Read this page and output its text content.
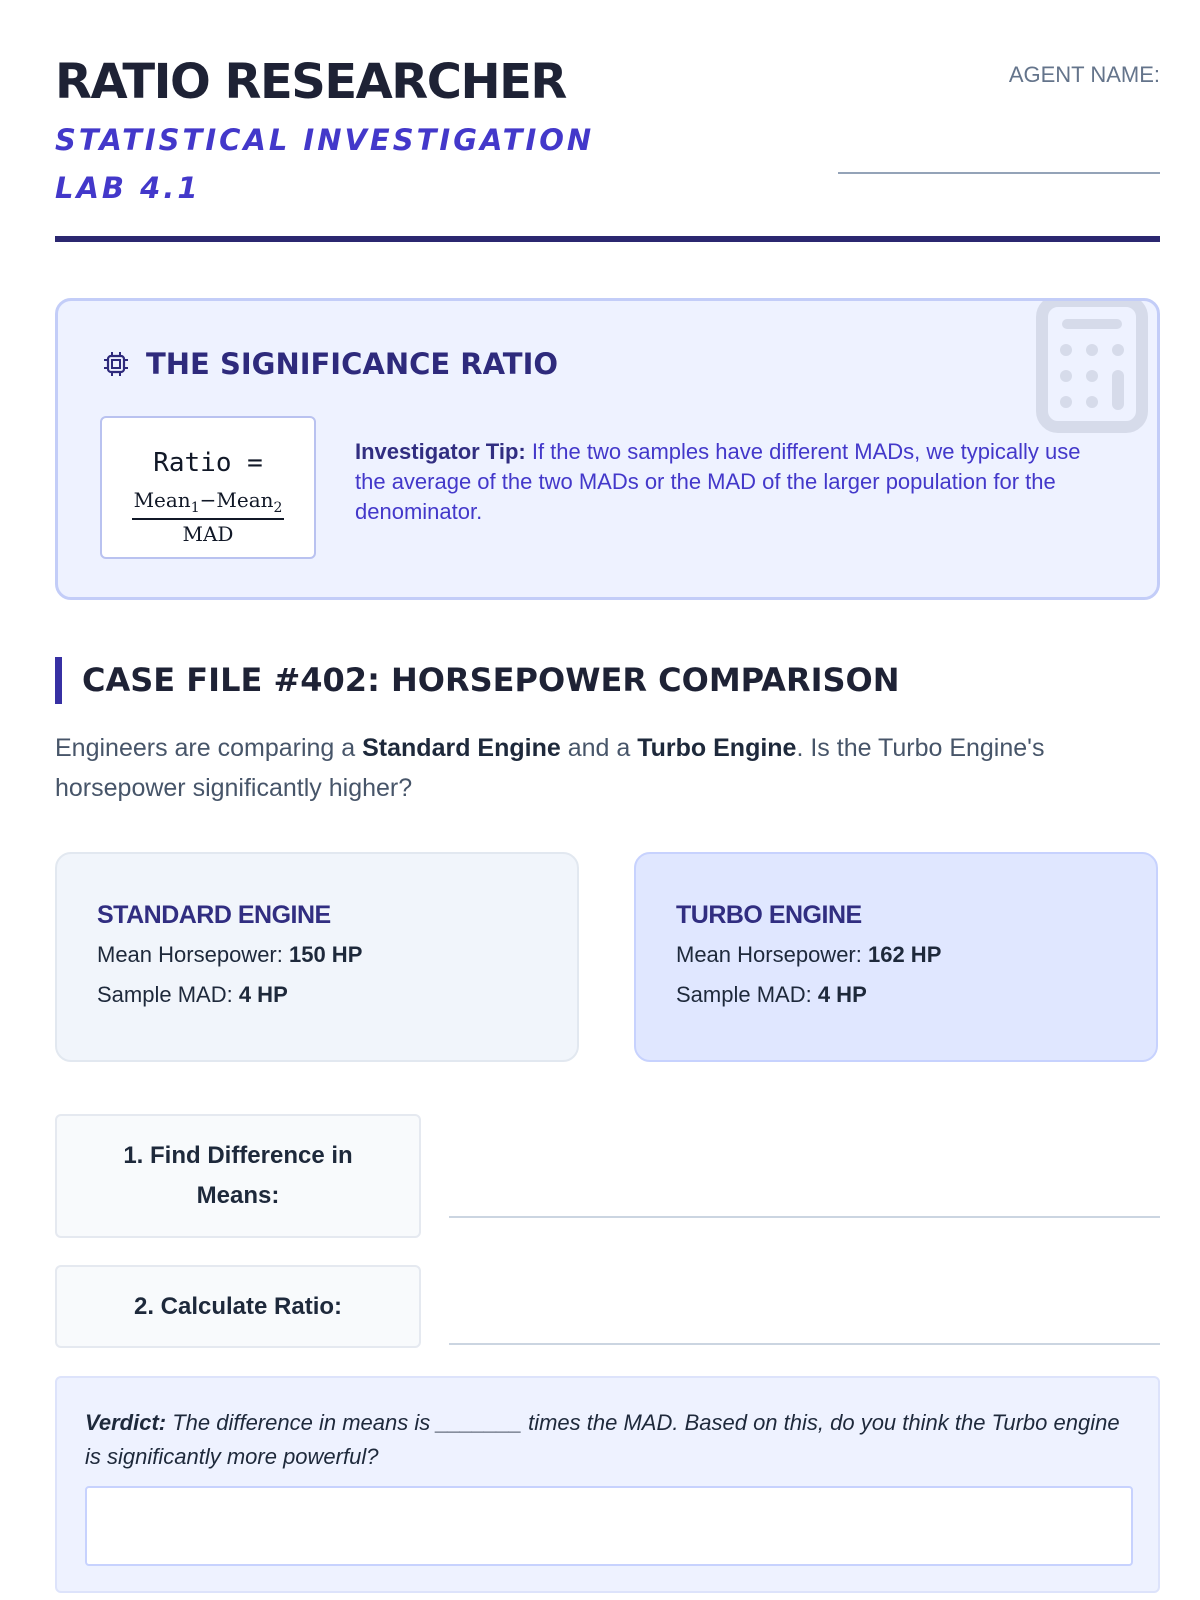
RATIO RESEARCHER
STATISTICAL INVESTIGATION LAB 4.1
AGENT NAME:
THE SIGNIFICANCE RATIO
Ratio =
$\frac{Mean_1-Mean_2}{\text{MAD}}$
Investigator Tip: If the two samples have different MADs, we typically use the average of the two MADs or the MAD of the larger population for the denominator.
CASE FILE #402: HORSEPOWER COMPARISON
Engineers are comparing a Standard Engine and a Turbo Engine. Is the Turbo Engine's horsepower significantly higher?
STANDARD ENGINE
Mean Horsepower: 150 HP
Sample MAD: 4 HP
TURBO ENGINE
Mean Horsepower: 162 HP
Sample MAD: 4 HP
1. Find Difference in Means:
2. Calculate Ratio:
Verdict: The difference in means is _______ times the MAD. Based on this, do you think the Turbo engine is significantly more powerful?
